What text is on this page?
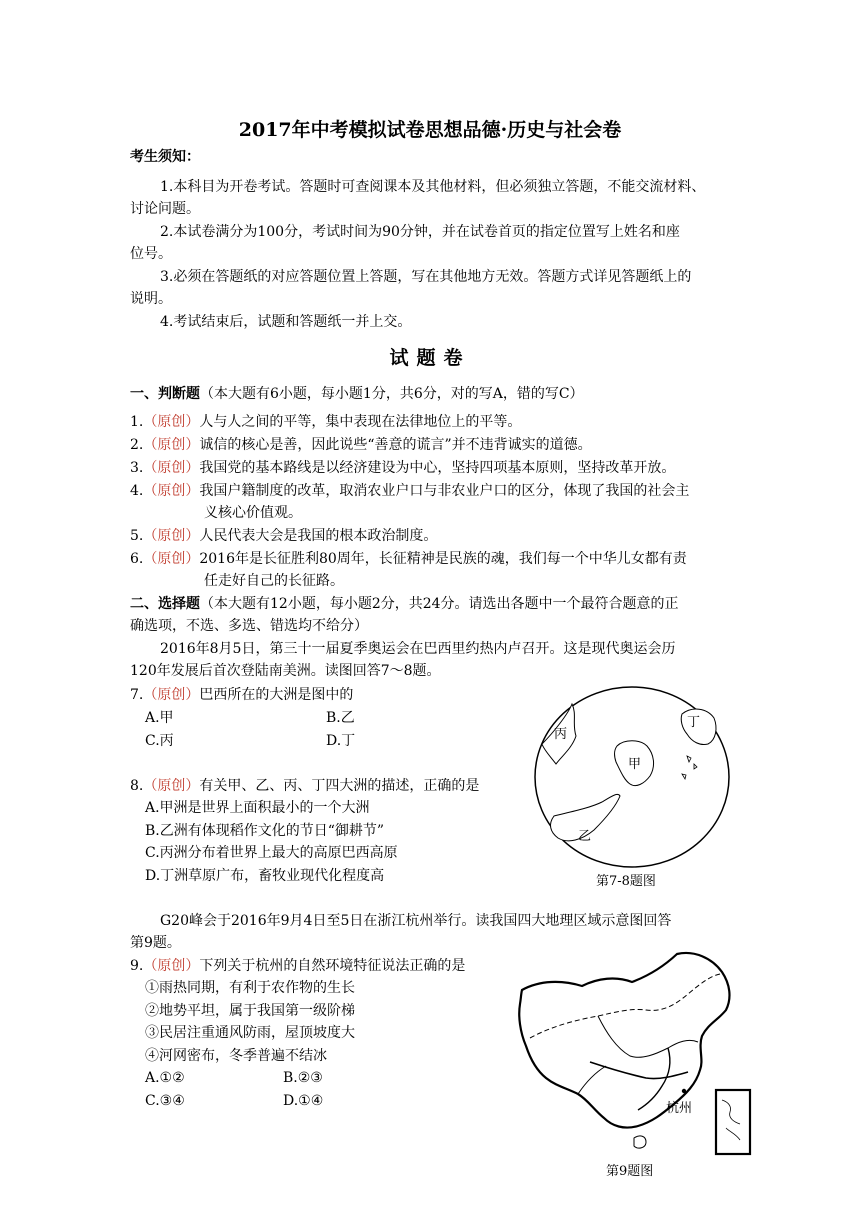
2017年中考模拟试卷思想品德·历史与社会卷
考生须知：
1.本科目为开卷考试。答题时可查阅课本及其他材料，但必须独立答题，不能交流材料、
讨论问题。
2.本试卷满分为100分，考试时间为90分钟，并在试卷首页的指定位置写上姓名和座
位号。
3.必须在答题纸的对应答题位置上答题，写在其他地方无效。答题方式详见答题纸上的
说明。
4.考试结束后，试题和答题纸一并上交。
试题卷
一、判断题（本大题有6小题，每小题1分，共6分，对的写A，错的写C）
1.（原创）人与人之间的平等，集中表现在法律地位上的平等。
2.（原创）诚信的核心是善，因此说些“善意的谎言”并不违背诚实的道德。
3.（原创）我国党的基本路线是以经济建设为中心，坚持四项基本原则，坚持改革开放。
4.（原创）我国户籍制度的改革，取消农业户口与非农业户口的区分，体现了我国的社会主
义核心价值观。
5.（原创）人民代表大会是我国的根本政治制度。
6.（原创）2016年是长征胜利80周年，长征精神是民族的魂，我们每一个中华儿女都有责
任走好自己的长征路。
二、选择题（本大题有12小题，每小题2分，共24分。请选出各题中一个最符合题意的正
确选项，不选、多选、错选均不给分）
2016年8月5日，第三十一届夏季奥运会在巴西里约热内卢召开。这是现代奥运会历
120年发展后首次登陆南美洲。读图回答7～8题。
7.（原创）巴西所在的大洲是图中的
A.甲	B.乙
C.丙	D.丁
8.（原创）有关甲、乙、丙、丁四大洲的描述，正确的是
A.甲洲是世界上面积最小的一个大洲
B.乙洲有体现稻作文化的节日“御耕节”
C.丙洲分布着世界上最大的高原巴西高原
D.丁洲草原广布，畜牧业现代化程度高
丙
丁
甲
乙
第7-8题图
G20峰会于2016年9月4日至5日在浙江杭州举行。读我国四大地理区域示意图回答
第9题。
9.（原创）下列关于杭州的自然环境特征说法正确的是
①雨热同期，有利于农作物的生长
②地势平坦，属于我国第一级阶梯
③民居注重通风防雨，屋顶坡度大
④河网密布，冬季普遍不结冰
A.①②	B.②③
C.③④	D.①④	杭州
第9题图
